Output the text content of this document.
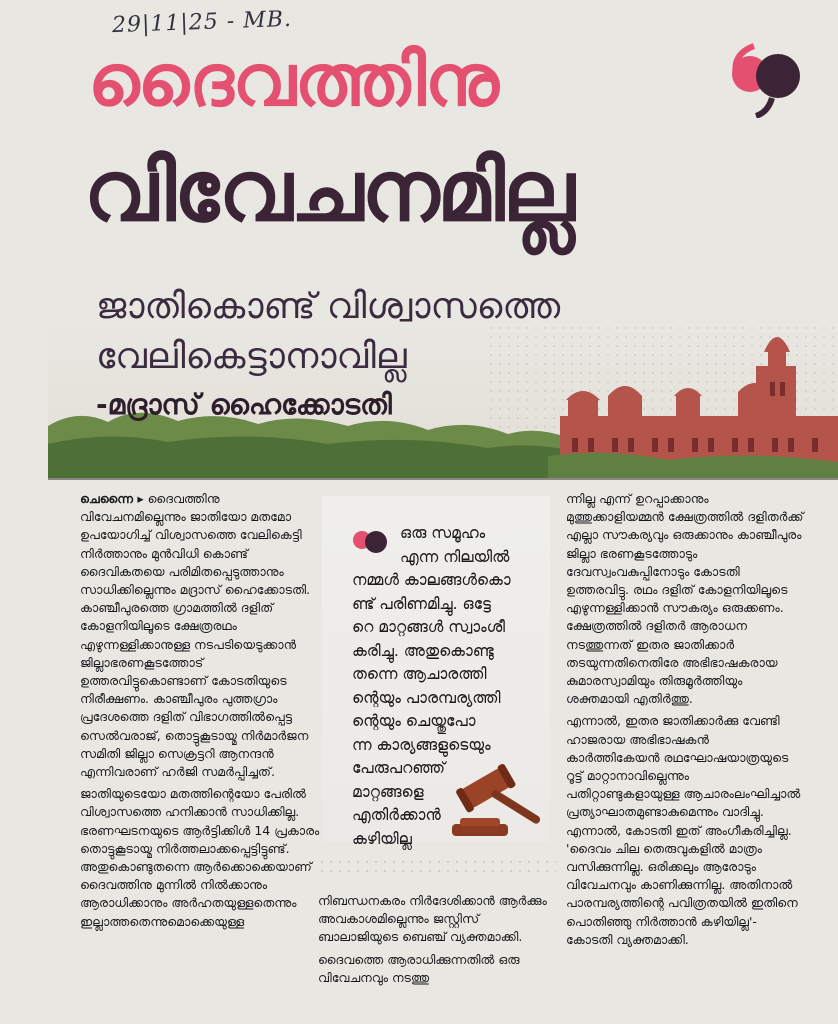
29|11|25 - MB.
ദൈവത്തിനു
വിവേചനമില്ല
ജാതികൊണ്ട് വിശ്വാസത്തെ
വേലികെട്ടാനാവില്ല
-മദ്രാസ് ഹൈക്കോടതി

ചെന്നൈ ▸ ദൈവത്തിനു വിവേചനമില്ലെന്നും ജാതിയോ മതമോ ഉപയോഗിച്ച് വിശ്വാസത്തെ വേലികെട്ടി നിർത്താനും മുൻവിധി കൊണ്ട് ദൈവികതയെ പരിമിതപ്പെടുത്താനും സാധിക്കില്ലെന്നും മദ്രാസ് ഹൈക്കോടതി. കാഞ്ചീപുരത്തെ ഗ്രാമത്തിൽ ദളിത് കോളനിയിലൂടെ ക്ഷേത്രരഥം എഴുന്നള്ളിക്കാനുള്ള നടപടിയെടുക്കാൻ ജില്ലാഭരണകൂടത്തോട് ഉത്തരവിട്ടുകൊണ്ടാണ് കോടതിയുടെ നിരീക്ഷണം. കാഞ്ചീപുരം പുത്തഗ്രാം പ്രദേശത്തെ ദളിത് വിഭാഗത്തിൽപ്പെട്ട സെൽവരാജ്, തൊട്ടുകൂടായ്മ നിർമാർജന സമിതി ജില്ലാ സെക്രട്ടറി ആനന്ദൻ എന്നിവരാണ് ഹർജി സമർപ്പിച്ചത്.

ജാതിയുടെയോ മതത്തിന്റെയോ പേരിൽ വിശ്വാസത്തെ ഹനിക്കാൻ സാധിക്കില്ല. ഭരണഘടനയുടെ ആർട്ടിക്കിൾ 14 പ്രകാരം തൊട്ടുകൂടായ്മ നിർത്തലാക്കപ്പെട്ടിട്ടുണ്ട്. അതുകൊണ്ടുതന്നെ ആർക്കൊക്കെയാണ് ദൈവത്തിനു മുന്നിൽ നിൽക്കാനും ആരാധിക്കാനും അർഹതയുള്ളതെന്നും ഇല്ലാത്തതെന്നുമൊക്കെയുള്ള

ഒരു സമൂഹം
എന്ന നിലയിൽ
നമ്മൾ കാലങ്ങൾകൊ
ണ്ട് പരിണമിച്ചു. ഒട്ടേ
റെ മാറ്റങ്ങൾ സ്വാംശീ
കരിച്ചു. അതുകൊണ്ടു
തന്നെ ആചാരത്തി
ന്റെയും പാരമ്പര്യത്തി
ന്റെയും ചെയ്തുപോ
ന്ന കാര്യങ്ങളുടെയും
പേരുപറഞ്ഞ്
മാറ്റങ്ങളെ
എതിർക്കാൻ
കഴിയില്ല

നിബന്ധനകരം നിർദേശിക്കാൻ ആർക്കും അവകാശമില്ലെന്നും ജസ്റ്റിസ് ബാലാജിയുടെ ബെഞ്ച് വ്യക്തമാക്കി.

ദൈവത്തെ ആരാധിക്കുന്നതിൽ ഒരു വിവേചനവും നടത്തു

ന്നില്ല എന്ന് ഉറപ്പാക്കാനും മുത്തുക്കാളിയമ്മൻ ക്ഷേത്രത്തിൽ ദളിതർക്ക് എല്ലാ സൗകര്യവും ഒരുക്കാനും കാഞ്ചീപുരം ജില്ലാ ഭരണകൂടത്തോടും ദേവസ്വംവകുപ്പിനോടും കോടതി ഉത്തരവിട്ടു. രഥം ദളിത് കോളനിയിലൂടെ എഴുന്നള്ളിക്കാൻ സൗകര്യം ഒരുക്കണം. ക്ഷേത്രത്തിൽ ദളിതർ ആരാധന നടത്തുന്നത് ഇതര ജാതിക്കാർ തടയുന്നതിനെതിരേ അഭിഭാഷകരായ കുമാരസ്വാമിയും തിരുമൂർത്തിയും ശക്തമായി എതിർത്തു.

എന്നാൽ, ഇതര ജാതിക്കാർക്കു വേണ്ടി ഹാജരായ അഭിഭാഷകൻ കാർത്തികേയൻ രഥഘോഷയാത്രയുടെ റൂട്ട് മാറ്റാനാവില്ലെന്നും പതിറ്റാണ്ടുകളായുള്ള ആചാരംലംഘിച്ചാൽ പ്രത്യാഘാതമുണ്ടാകുമെന്നും വാദിച്ചു. എന്നാൽ, കോടതി ഇത് അംഗീകരിച്ചില്ല. 'ദൈവം ചില തെരുവുകളിൽ മാത്രം വസിക്കുന്നില്ല. ഒരിക്കലും ആരോടും വിവേചനവും കാണിക്കുന്നില്ല. അതിനാൽ പാരമ്പര്യത്തിന്റെ പവിത്രതയിൽ ഇതിനെ പൊതിഞ്ഞു നിർത്താൻ കഴിയില്ല'- കോടതി വ്യക്തമാക്കി.
